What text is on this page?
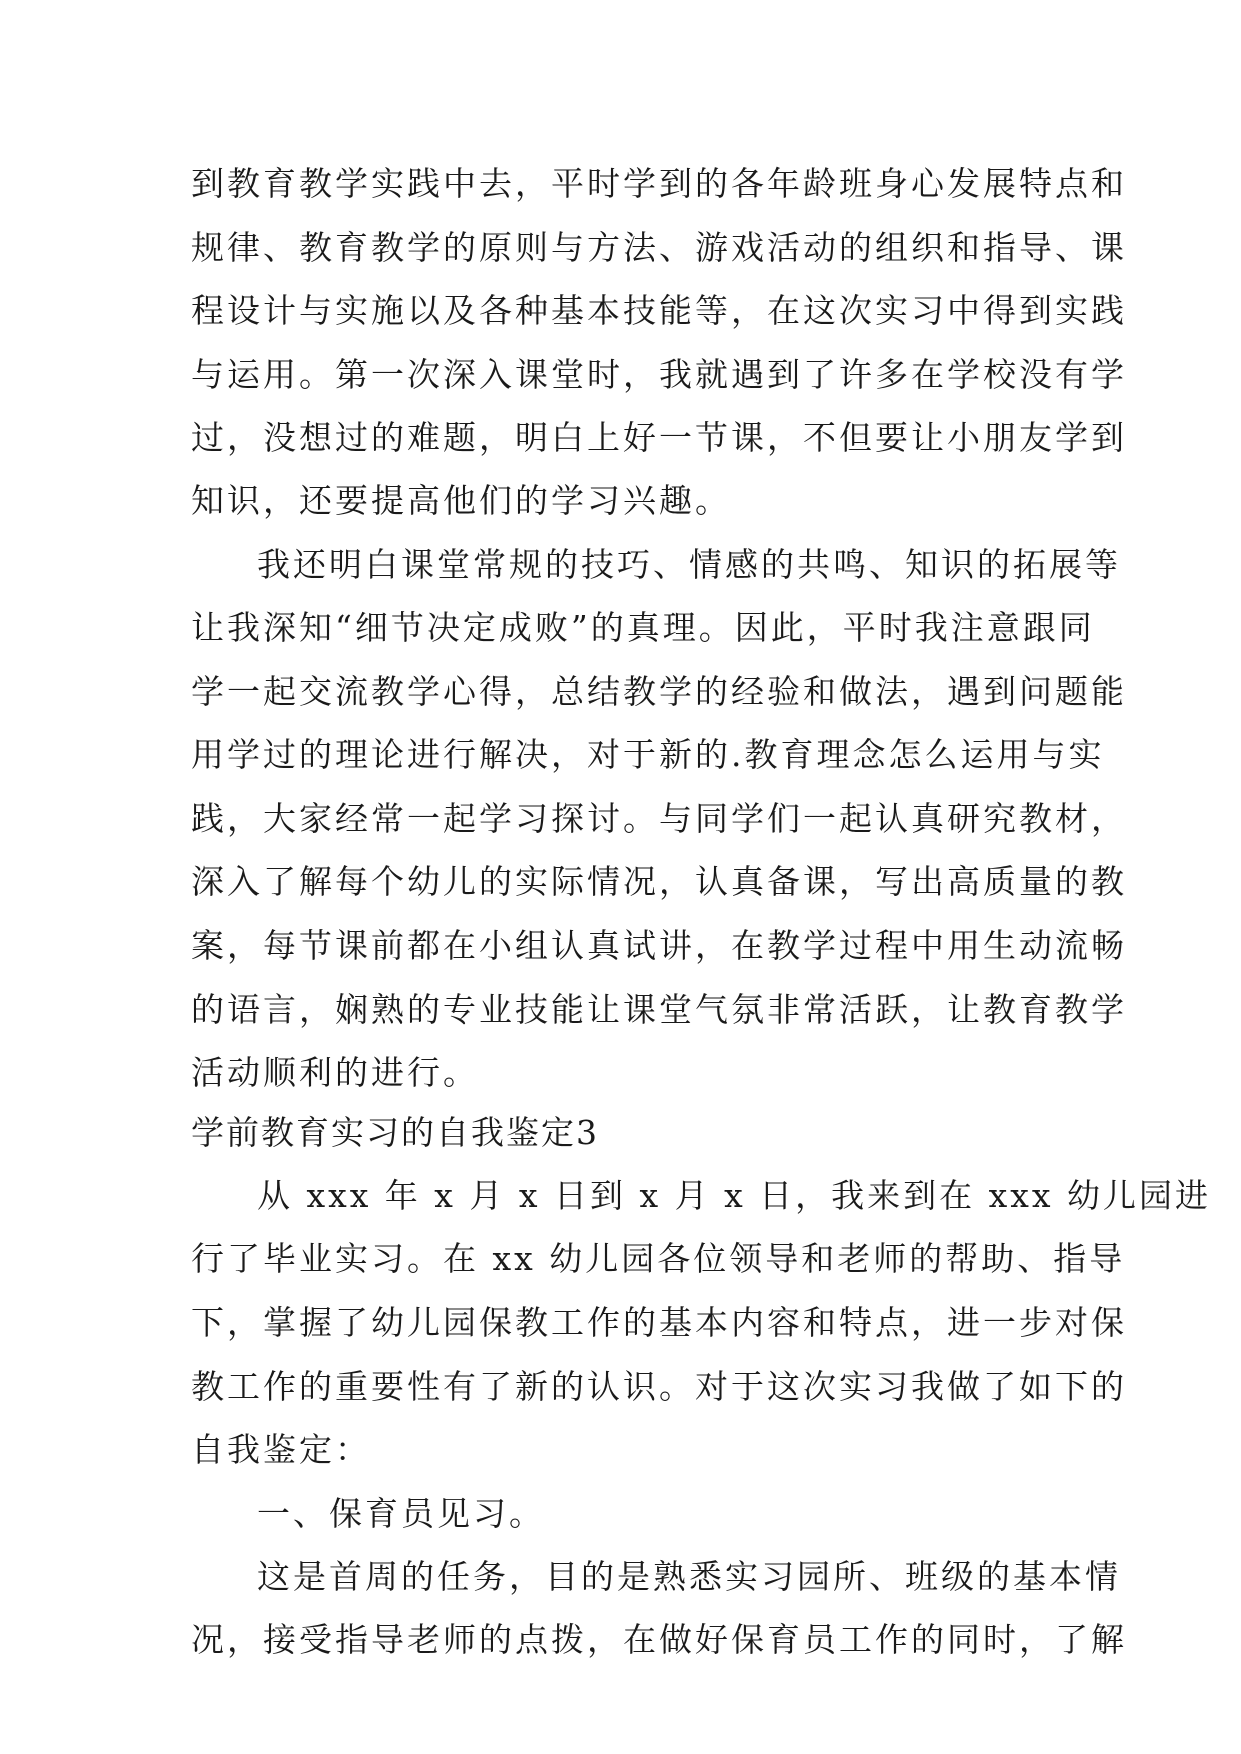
到教育教学实践中去，平时学到的各年龄班身心发展特点和
规律、教育教学的原则与方法、游戏活动的组织和指导、课
程设计与实施以及各种基本技能等，在这次实习中得到实践
与运用。第一次深入课堂时，我就遇到了许多在学校没有学
过，没想过的难题，明白上好一节课，不但要让小朋友学到
知识，还要提高他们的学习兴趣。
我还明白课堂常规的技巧、情感的共鸣、知识的拓展等
让我深知“细节决定成败”的真理。因此，平时我注意跟同
学一起交流教学心得，总结教学的经验和做法，遇到问题能
用学过的理论进行解决，对于新的.教育理念怎么运用与实
践，大家经常一起学习探讨。与同学们一起认真研究教材，
深入了解每个幼儿的实际情况，认真备课，写出高质量的教
案，每节课前都在小组认真试讲，在教学过程中用生动流畅
的语言，娴熟的专业技能让课堂气氛非常活跃，让教育教学
活动顺利的进行。
学前教育实习的自我鉴定3
从 xxx 年 x 月 x 日到 x 月 x 日，我来到在 xxx 幼儿园进
行了毕业实习。在 xx 幼儿园各位领导和老师的帮助、指导
下，掌握了幼儿园保教工作的基本内容和特点，进一步对保
教工作的重要性有了新的认识。对于这次实习我做了如下的
自我鉴定：
一、保育员见习。
这是首周的任务，目的是熟悉实习园所、班级的基本情
况，接受指导老师的点拨，在做好保育员工作的同时，了解
